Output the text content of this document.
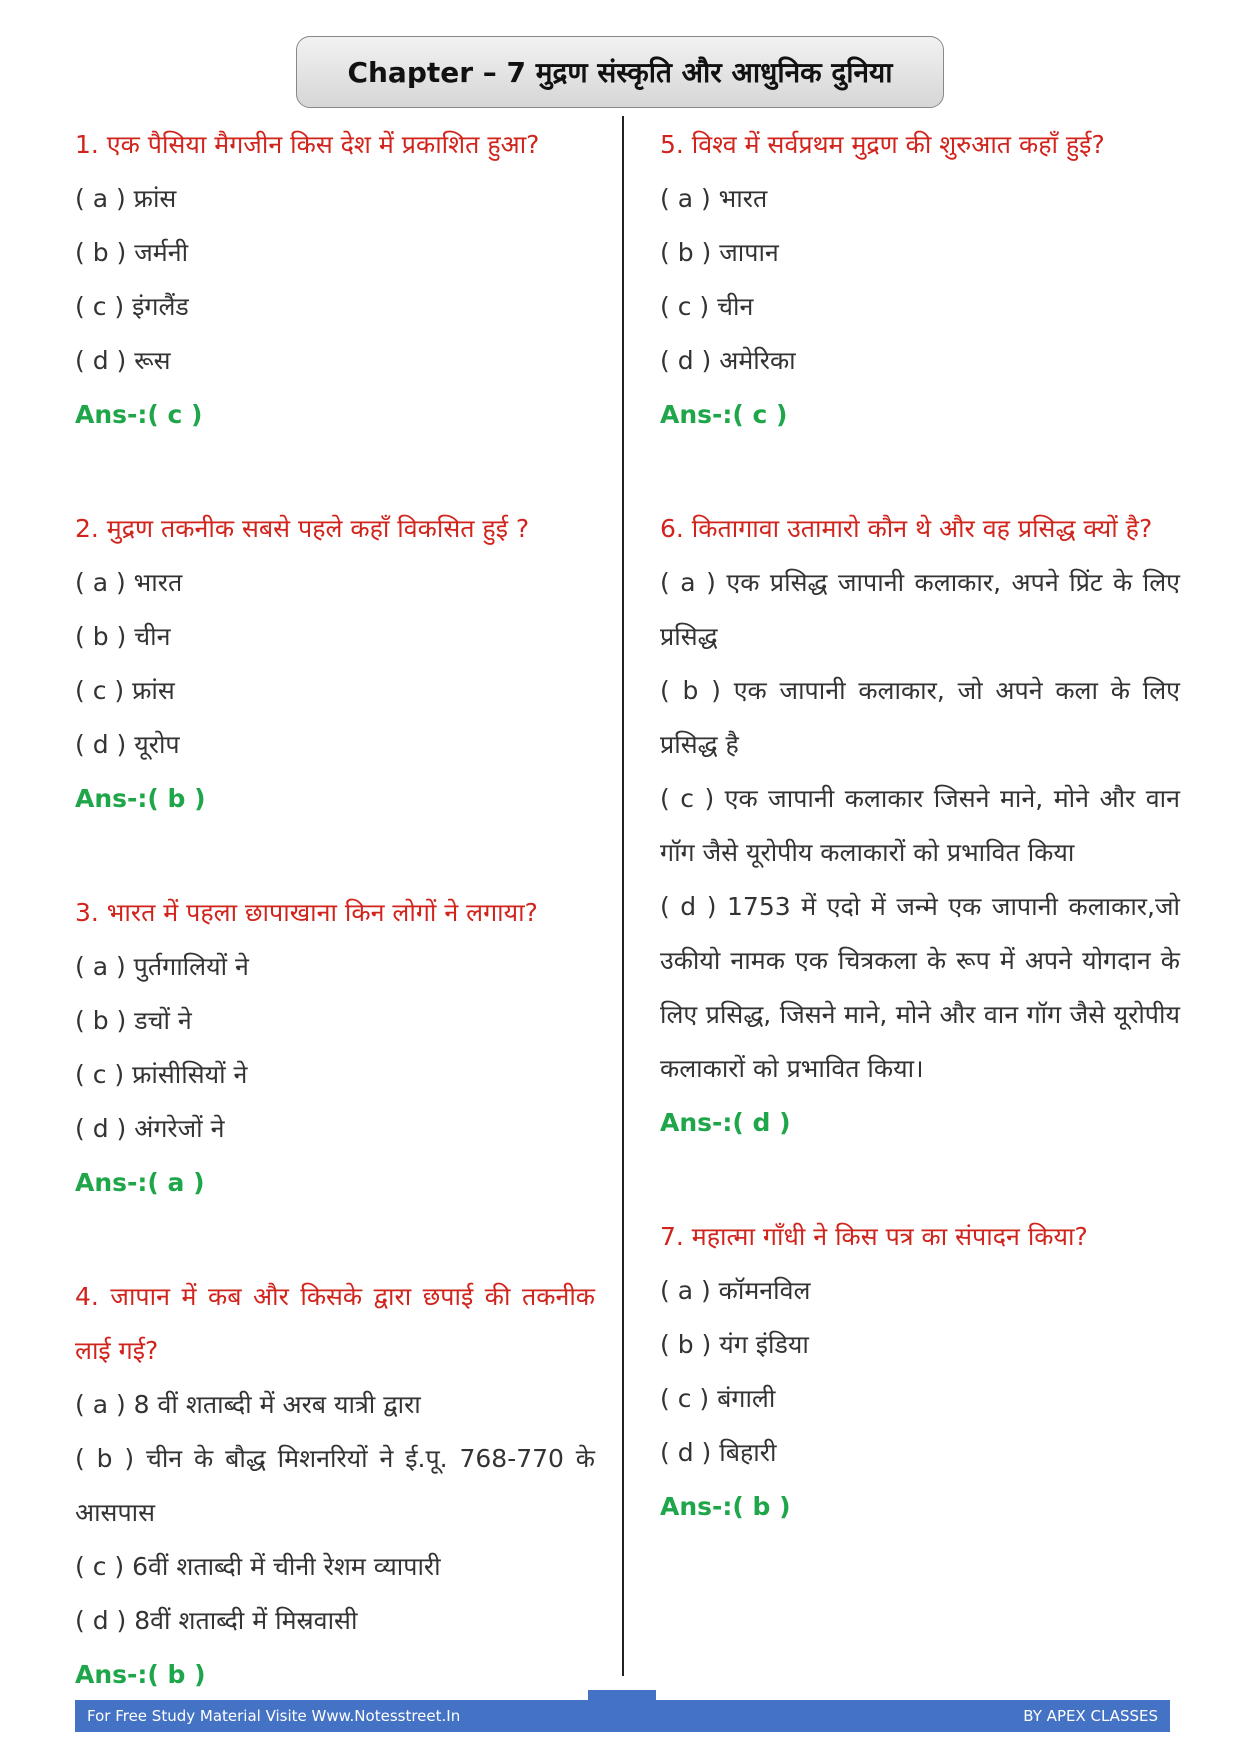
Chapter – 7 मुद्रण संस्कृति और आधुनिक दुनिया

1. एक पैसिया मैगजीन किस देश में प्रकाशित हुआ?

( a ) फ्रांस

( b ) जर्मनी

( c ) इंगलैंड

( d ) रूस

Ans-:( c )

2. मुद्रण तकनीक सबसे पहले कहाँ विकसित हुई ?

( a ) भारत

( b ) चीन

( c ) फ्रांस

( d ) यूरोप

Ans-:( b )

3. भारत में पहला छापाखाना किन लोगों ने लगाया?

( a ) पुर्तगालियों ने

( b ) डचों ने

( c ) फ्रांसीसियों ने

( d ) अंगरेजों ने

Ans-:( a )

4. जापान में कब और किसके द्वारा छपाई की तकनीक लाई गई?

( a ) 8 वीं शताब्दी में अरब यात्री द्वारा

( b ) चीन के बौद्ध मिशनरियों ने ई.पू. 768-770 के आसपास

( c ) 6वीं शताब्दी में चीनी रेशम व्यापारी

( d ) 8वीं शताब्दी में मिस्रवासी

Ans-:( b )

5. विश्व में सर्वप्रथम मुद्रण की शुरुआत कहाँ हुई?

( a ) भारत

( b ) जापान

( c ) चीन

( d ) अमेरिका

Ans-:( c )

6. कितागावा उतामारो कौन थे और वह प्रसिद्ध क्यों है?

( a ) एक प्रसिद्ध जापानी कलाकार, अपने प्रिंट के लिए प्रसिद्ध

( b ) एक जापानी कलाकार, जो अपने कला के लिए प्रसिद्ध है

( c ) एक जापानी कलाकार जिसने माने, मोने और वान गॉग जैसे यूरोपीय कलाकारों को प्रभावित किया

( d ) 1753 में एदो में जन्मे एक जापानी कलाकार,जो उकीयो नामक एक चित्रकला के रूप में अपने योगदान के लिए प्रसिद्ध, जिसने माने, मोने और वान गॉग जैसे यूरोपीय कलाकारों को प्रभावित किया।

Ans-:( d )

7. महात्मा गाँधी ने किस पत्र का संपादन किया?

( a ) कॉमनविल

( b ) यंग इंडिया

( c ) बंगाली

( d ) बिहारी

Ans-:( b )

For Free Study Material Visite Www.Notesstreet.In	BY APEX CLASSES
